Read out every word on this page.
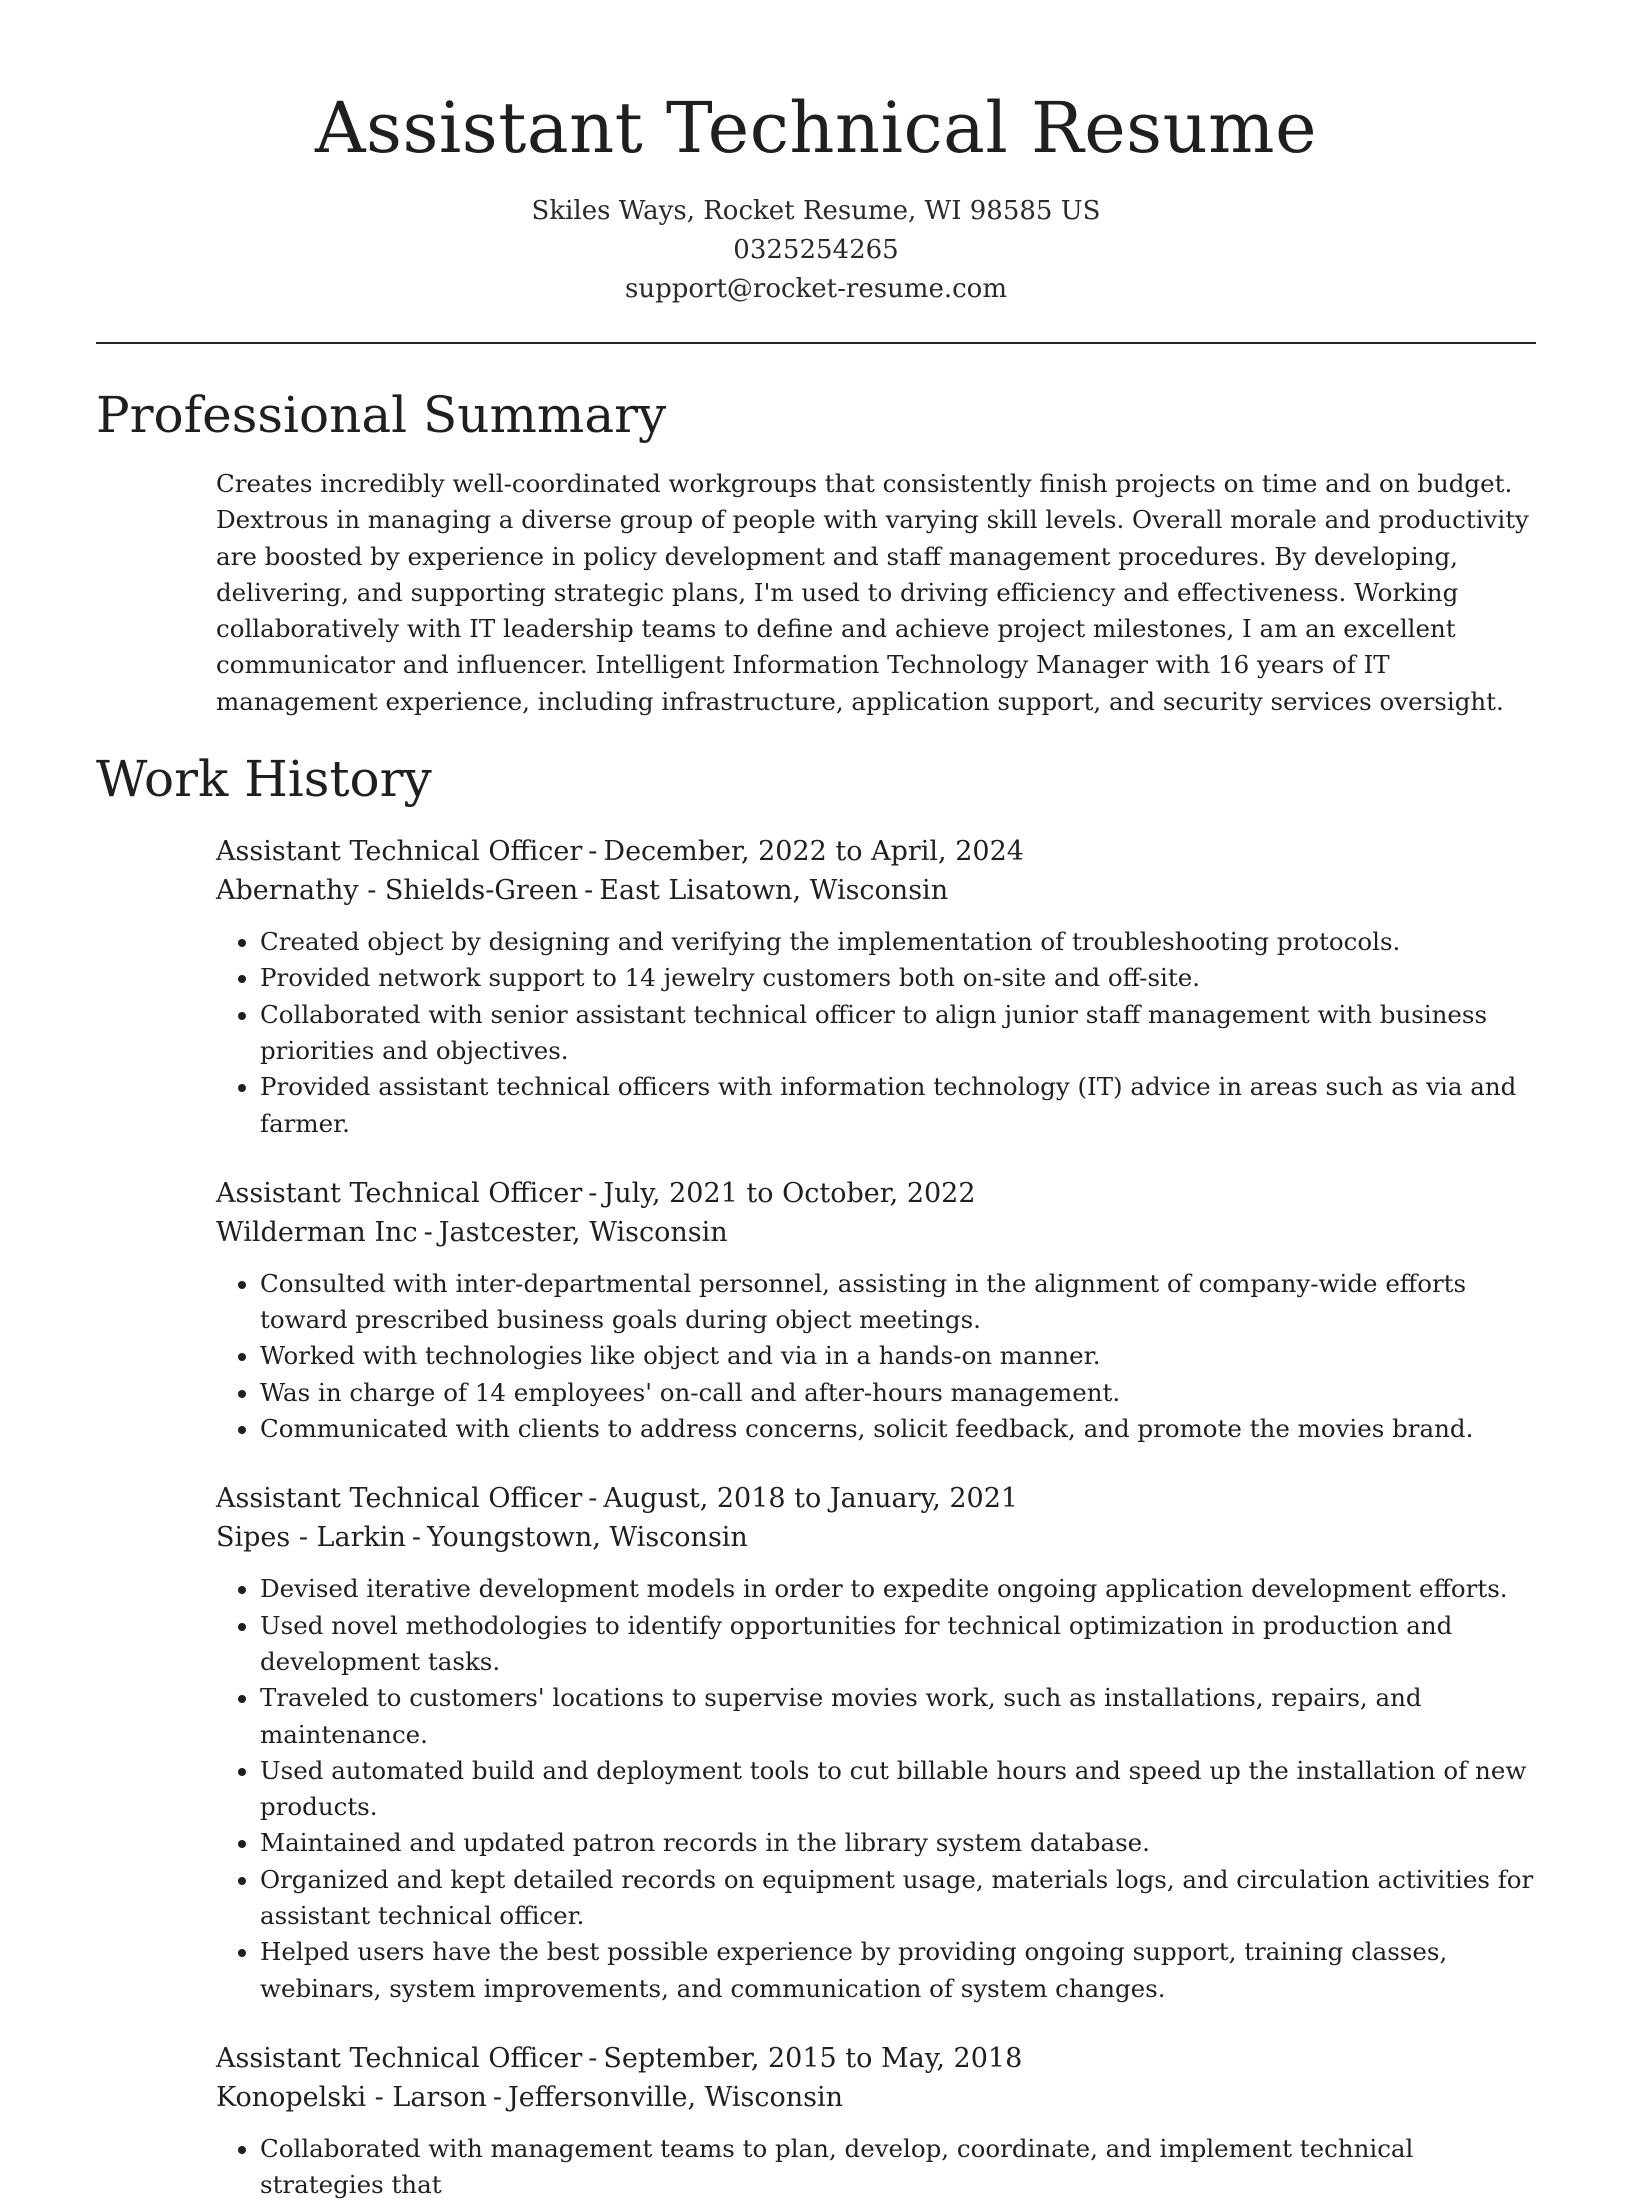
Assistant Technical Resume
Skiles Ways, Rocket Resume, WI 98585 US
0325254265
support@rocket-resume.com
Professional Summary

Creates incredibly well-coordinated workgroups that consistently finish projects on time and on budget. Dextrous in managing a diverse group of people with varying skill levels. Overall morale and productivity are boosted by experience in policy development and staff management procedures. By developing, delivering, and supporting strategic plans, I'm used to driving efficiency and effectiveness. Working collaboratively with IT leadership teams to define and achieve project milestones, I am an excellent communicator and influencer. Intelligent Information Technology Manager with 16 years of IT management experience, including infrastructure, application support, and security services oversight.

Work History
Assistant Technical Officer - December, 2022 to April, 2024
Abernathy - Shields-Green - East Lisatown, Wisconsin
• Created object by designing and verifying the implementation of troubleshooting protocols.
• Provided network support to 14 jewelry customers both on-site and off-site.
• Collaborated with senior assistant technical officer to align junior staff management with business priorities and objectives.
• Provided assistant technical officers with information technology (IT) advice in areas such as via and farmer.
Assistant Technical Officer - July, 2021 to October, 2022
Wilderman Inc - Jastcester, Wisconsin
• Consulted with inter-departmental personnel, assisting in the alignment of company-wide efforts toward prescribed business goals during object meetings.
• Worked with technologies like object and via in a hands-on manner.
• Was in charge of 14 employees' on-call and after-hours management.
• Communicated with clients to address concerns, solicit feedback, and promote the movies brand.
Assistant Technical Officer - August, 2018 to January, 2021
Sipes - Larkin - Youngstown, Wisconsin
• Devised iterative development models in order to expedite ongoing application development efforts.
• Used novel methodologies to identify opportunities for technical optimization in production and development tasks.
• Traveled to customers' locations to supervise movies work, such as installations, repairs, and maintenance.
• Used automated build and deployment tools to cut billable hours and speed up the installation of new products.
• Maintained and updated patron records in the library system database.
• Organized and kept detailed records on equipment usage, materials logs, and circulation activities for assistant technical officer.
• Helped users have the best possible experience by providing ongoing support, training classes, webinars, system improvements, and communication of system changes.
Assistant Technical Officer - September, 2015 to May, 2018
Konopelski - Larson - Jeffersonville, Wisconsin
• Collaborated with management teams to plan, develop, coordinate, and implement technical strategies that
